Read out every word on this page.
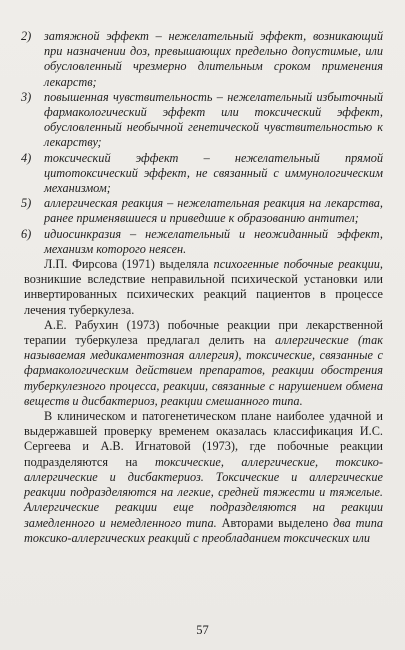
2) затяжной эффект – нежелательный эффект, возникающий при назначении доз, превышающих предельно допустимые, или обусловленный чрезмерно длительным сроком применения лекарств;

3) повышенная чувствительность – нежелательный избыточный фармакологический эффект или токсический эффект, обусловленный необычной генетической чувствительностью к лекарству;

4) токсический эффект – нежелательный прямой цитотоксический эффект, не связанный с иммунологическим механизмом;

5) аллергическая реакция – нежелательная реакция на лекарства, ранее применявшиеся и приведшие к образованию антител;

6) идиосинкразия – нежелательный и неожиданный эффект, механизм которого неясен.

Л.П. Фирсова (1971) выделяла психогенные побочные реакции, возникшие вследствие неправильной психической установки или инвертированных психических реакций пациентов в процессе лечения туберкулеза.

А.Е. Рабухин (1973) побочные реакции при лекарственной терапии туберкулеза предлагал делить на аллергические (так называемая медикаментозная аллергия), токсические, связанные с фармакологическим действием препаратов, реакции обострения туберкулезного процесса, реакции, связанные с нарушением обмена веществ и дисбактериоз, реакции смешанного типа.

В клиническом и патогенетическом плане наиболее удачной и выдержавшей проверку временем оказалась классификация И.С. Сергеева и А.В. Игнатовой (1973), где побочные реакции подразделяются на токсические, аллергические, токсико-аллергические и дисбактериоз. Токсические и аллергические реакции подразделяются на легкие, средней тяжести и тяжелые. Аллергические реакции еще подразделяются на реакции замедленного и немедленного типа. Авторами выделено два типа токсико-аллергических реакций с преобладанием токсических или

57
